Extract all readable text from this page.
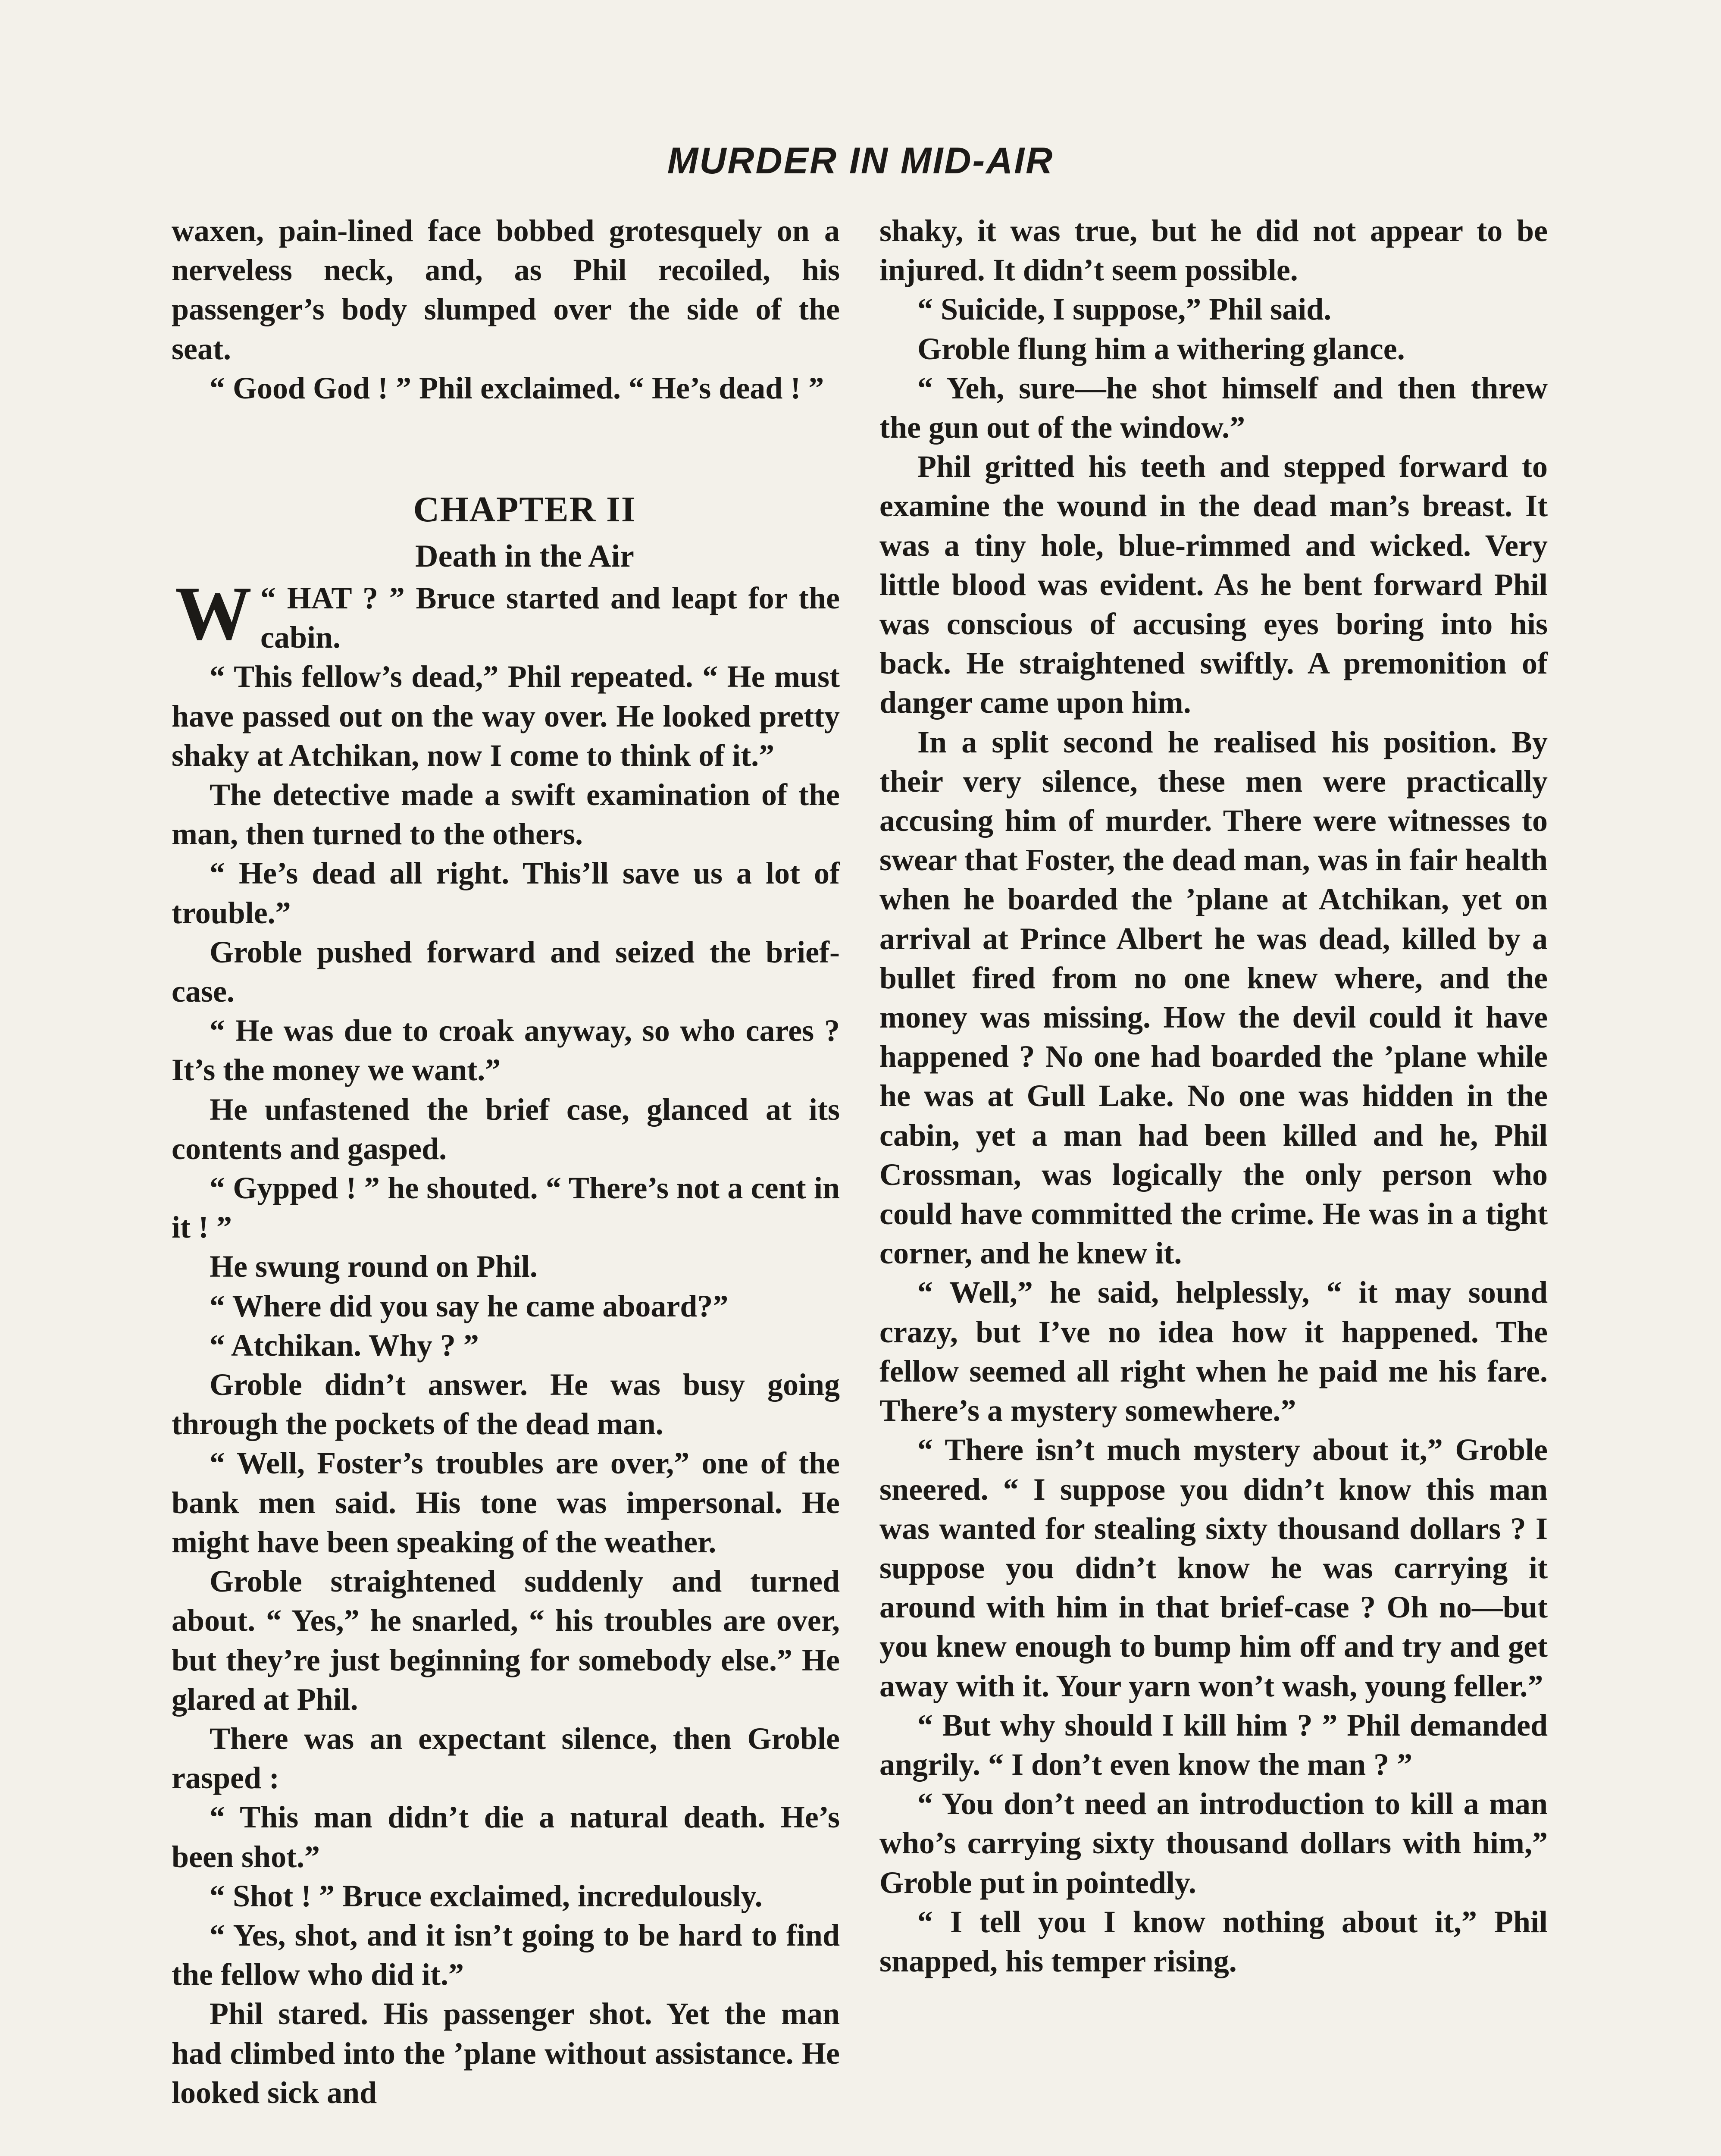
MURDER IN MID-AIR

waxen, pain-lined face bobbed grotesquely on a nerveless neck, and, as Phil recoiled, his passenger’s body slumped over the side of the seat.

“ Good God ! ” Phil exclaimed. “ He’s dead ! ”

CHAPTER II

Death in the Air

“
W HAT ? ” Bruce started and leapt for the cabin.

“ This fellow’s dead,” Phil repeated. “ He must have passed out on the way over. He looked pretty shaky at Atchikan, now I come to think of it.”

The detective made a swift examination of the man, then turned to the others.

“ He’s dead all right. This’ll save us a lot of trouble.”

Groble pushed forward and seized the brief-case.

“ He was due to croak anyway, so who cares ? It’s the money we want.”

He unfastened the brief case, glanced at its contents and gasped.

“ Gypped ! ” he shouted. “ There’s not a cent in it ! ”

He swung round on Phil.

“ Where did you say he came aboard?”

“ Atchikan. Why ? ”

Groble didn’t answer. He was busy going through the pockets of the dead man.

“ Well, Foster’s troubles are over,” one of the bank men said. His tone was impersonal. He might have been speaking of the weather.

Groble straightened suddenly and turned about. “ Yes,” he snarled, “ his troubles are over, but they’re just beginning for somebody else.” He glared at Phil.

There was an expectant silence, then Groble rasped :

“ This man didn’t die a natural death. He’s been shot.”

“ Shot ! ” Bruce exclaimed, incredulously.

“ Yes, shot, and it isn’t going to be hard to find the fellow who did it.”

Phil stared. His passenger shot. Yet the man had climbed into the ’plane without assistance. He looked sick and

shaky, it was true, but he did not appear to be injured. It didn’t seem possible.

“ Suicide, I suppose,” Phil said.

Groble flung him a withering glance.

“ Yeh, sure—he shot himself and then threw the gun out of the window.”

Phil gritted his teeth and stepped forward to examine the wound in the dead man’s breast. It was a tiny hole, blue-rimmed and wicked. Very little blood was evident. As he bent forward Phil was conscious of accusing eyes boring into his back. He straightened swiftly. A premonition of danger came upon him.

In a split second he realised his position. By their very silence, these men were practically accusing him of murder. There were witnesses to swear that Foster, the dead man, was in fair health when he boarded the ’plane at Atchikan, yet on arrival at Prince Albert he was dead, killed by a bullet fired from no one knew where, and the money was missing. How the devil could it have happened ? No one had boarded the ’plane while he was at Gull Lake. No one was hidden in the cabin, yet a man had been killed and he, Phil Crossman, was logically the only person who could have committed the crime. He was in a tight corner, and he knew it.

“ Well,” he said, helplessly, “ it may sound crazy, but I’ve no idea how it happened. The fellow seemed all right when he paid me his fare. There’s a mystery somewhere.”

“ There isn’t much mystery about it,” Groble sneered. “ I suppose you didn’t know this man was wanted for stealing sixty thousand dollars ? I suppose you didn’t know he was carrying it around with him in that brief-case ? Oh no—but you knew enough to bump him off and try and get away with it. Your yarn won’t wash, young feller.”

“ But why should I kill him ? ” Phil demanded angrily. “ I don’t even know the man ? ”

“ You don’t need an introduction to kill a man who’s carrying sixty thousand dollars with him,” Groble put in pointedly.

“ I tell you I know nothing about it,” Phil snapped, his temper rising.
